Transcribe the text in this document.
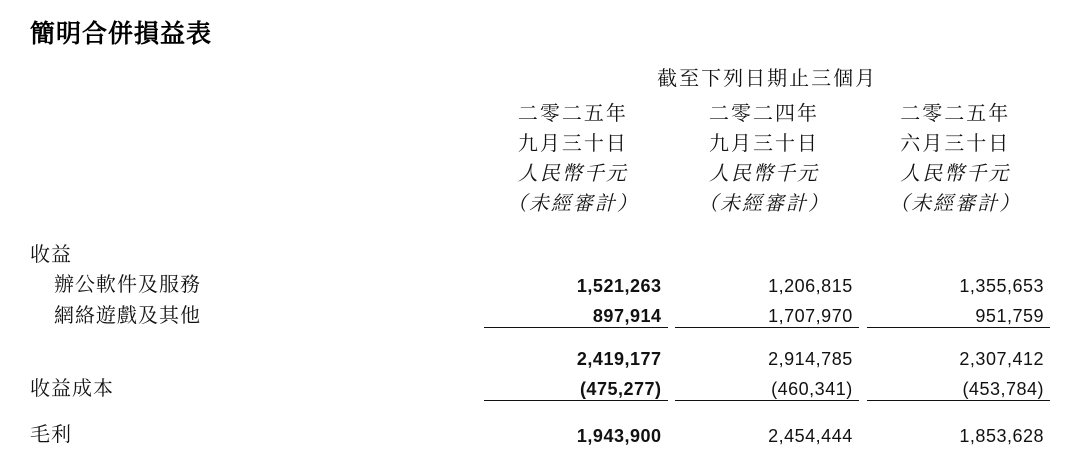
簡明合併損益表
	截至下列日期止三個月				

二零二五年
九月三十日
人民幣千元
（未經審計）

二零二四年
九月三十日
人民幣千元
（未經審計）

二零二五年
六月三十日
人民幣千元
（未經審計）

收益					
辦公軟件及服務	1,521,263		1,206,815		1,355,653
網絡遊戲及其他	897,914		1,707,970		951,759

	2,419,177		2,914,785		2,307,412
收益成本	(475,277)		(460,341)		(453,784)

毛利	1,943,900		2,454,444		1,853,628
